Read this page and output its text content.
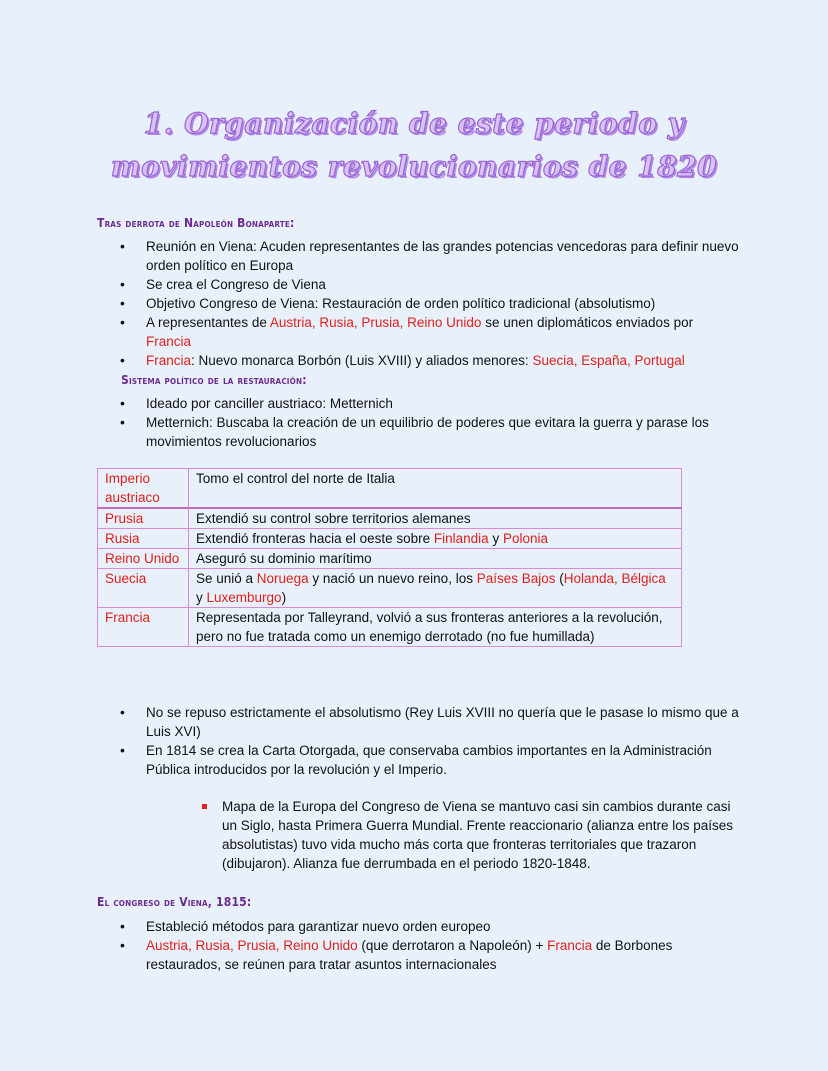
1. Organización de este periodo y
movimientos revolucionarios de 1820
Tras derrota de Napoleón Bonaparte:
• Reunión en Viena: Acuden representantes de las grandes potencias vencedoras para definir nuevo orden político en Europa
• Se crea el Congreso de Viena
• Objetivo Congreso de Viena: Restauración de orden político tradicional (absolutismo)
• A representantes de Austria, Rusia, Prusia, Reino Unido se unen diplomáticos enviados por Francia
• Francia: Nuevo monarca Borbón (Luis XVIII) y aliados menores: Suecia, España, Portugal
Sistema político de la restauración:
• Ideado por canciller austriaco: Metternich
• Metternich: Buscaba la creación de un equilibrio de poderes que evitara la guerra y parase los movimientos revolucionarios
Imperio austriaco	Tomo el control del norte de Italia
Prusia	Extendió su control sobre territorios alemanes
Rusia	Extendió fronteras hacia el oeste sobre Finlandia y Polonia
Reino Unido	Aseguró su dominio marítimo
Suecia	Se unió a Noruega y nació un nuevo reino, los Países Bajos (Holanda, Bélgica y Luxemburgo)
Francia	Representada por Talleyrand, volvió a sus fronteras anteriores a la revolución, pero no fue tratada como un enemigo derrotado (no fue humillada)
• No se repuso estrictamente el absolutismo (Rey Luis XVIII no quería que le pasase lo mismo que a Luis XVI)
• En 1814 se crea la Carta Otorgada, que conservaba cambios importantes en la Administración Pública introducidos por la revolución y el Imperio.
Mapa de la Europa del Congreso de Viena se mantuvo casi sin cambios durante casi un Siglo, hasta Primera Guerra Mundial. Frente reaccionario (alianza entre los países absolutistas) tuvo vida mucho más corta que fronteras territoriales que trazaron (dibujaron). Alianza fue derrumbada en el periodo 1820-1848.
El congreso de Viena, 1815:
• Estableció métodos para garantizar nuevo orden europeo
• Austria, Rusia, Prusia, Reino Unido (que derrotaron a Napoleón) + Francia de Borbones restaurados, se reúnen para tratar asuntos internacionales
